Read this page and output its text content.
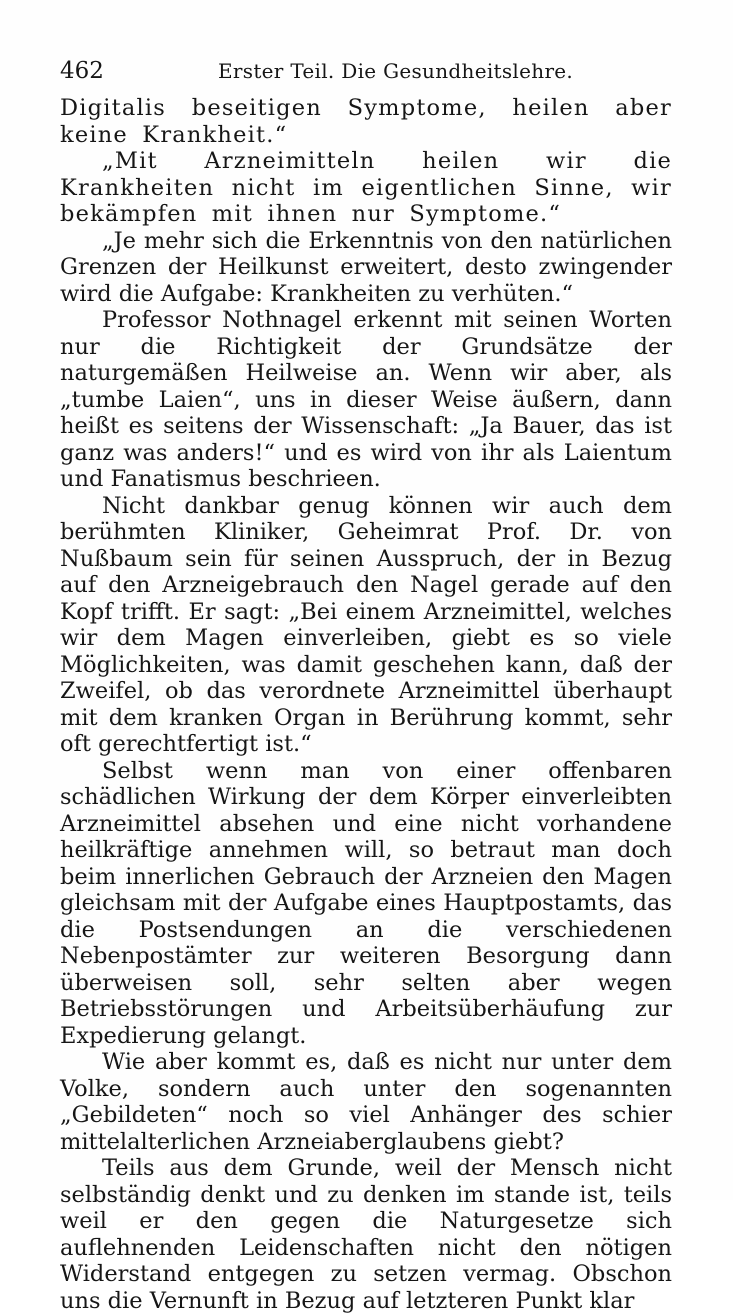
462	Erster Teil. Die Gesundheitslehre.

Digitalis beseitigen Symptome, heilen aber keine Krankheit.“

„Mit Arzneimitteln heilen wir die Krankheiten nicht im eigentlichen Sinne, wir bekämpfen mit ihnen nur Symptome.“

„Je mehr sich die Erkenntnis von den natürlichen Grenzen der Heilkunst erweitert, desto zwingender wird die Aufgabe: Krankheiten zu verhüten.“

Professor Nothnagel erkennt mit seinen Worten nur die Richtigkeit der Grundsätze der naturgemäßen Heilweise an. Wenn wir aber, als „tumbe Laien“, uns in dieser Weise äußern, dann heißt es seitens der Wissenschaft: „Ja Bauer, das ist ganz was anders!“ und es wird von ihr als Laientum und Fanatismus beschrieen.

Nicht dankbar genug können wir auch dem berühmten Kliniker, Geheimrat Prof. Dr. von Nußbaum sein für seinen Ausspruch, der in Bezug auf den Arzneigebrauch den Nagel gerade auf den Kopf trifft. Er sagt: „Bei einem Arzneimittel, welches wir dem Magen einverleiben, giebt es so viele Möglichkeiten, was damit geschehen kann, daß der Zweifel, ob das verordnete Arzneimittel überhaupt mit dem kranken Organ in Berührung kommt, sehr oft gerechtfertigt ist.“

Selbst wenn man von einer offenbaren schädlichen Wirkung der dem Körper einverleibten Arzneimittel absehen und eine nicht vorhandene heilkräftige annehmen will, so betraut man doch beim innerlichen Gebrauch der Arzneien den Magen gleichsam mit der Aufgabe eines Hauptpostamts, das die Postsendungen an die verschiedenen Nebenpostämter zur weiteren Besorgung dann überweisen soll, sehr selten aber wegen Betriebsstörungen und Arbeitsüberhäufung zur Expedierung gelangt.

Wie aber kommt es, daß es nicht nur unter dem Volke, sondern auch unter den sogenannten „Gebildeten“ noch so viel Anhänger des schier mittelalterlichen Arzneiaberglaubens giebt?

Teils aus dem Grunde, weil der Mensch nicht selbständig denkt und zu denken im stande ist, teils weil er den gegen die Naturgesetze sich auflehnenden Leidenschaften nicht den nötigen Widerstand entgegen zu setzen vermag. Obschon uns die Vernunft in Bezug auf letzteren Punkt klar
